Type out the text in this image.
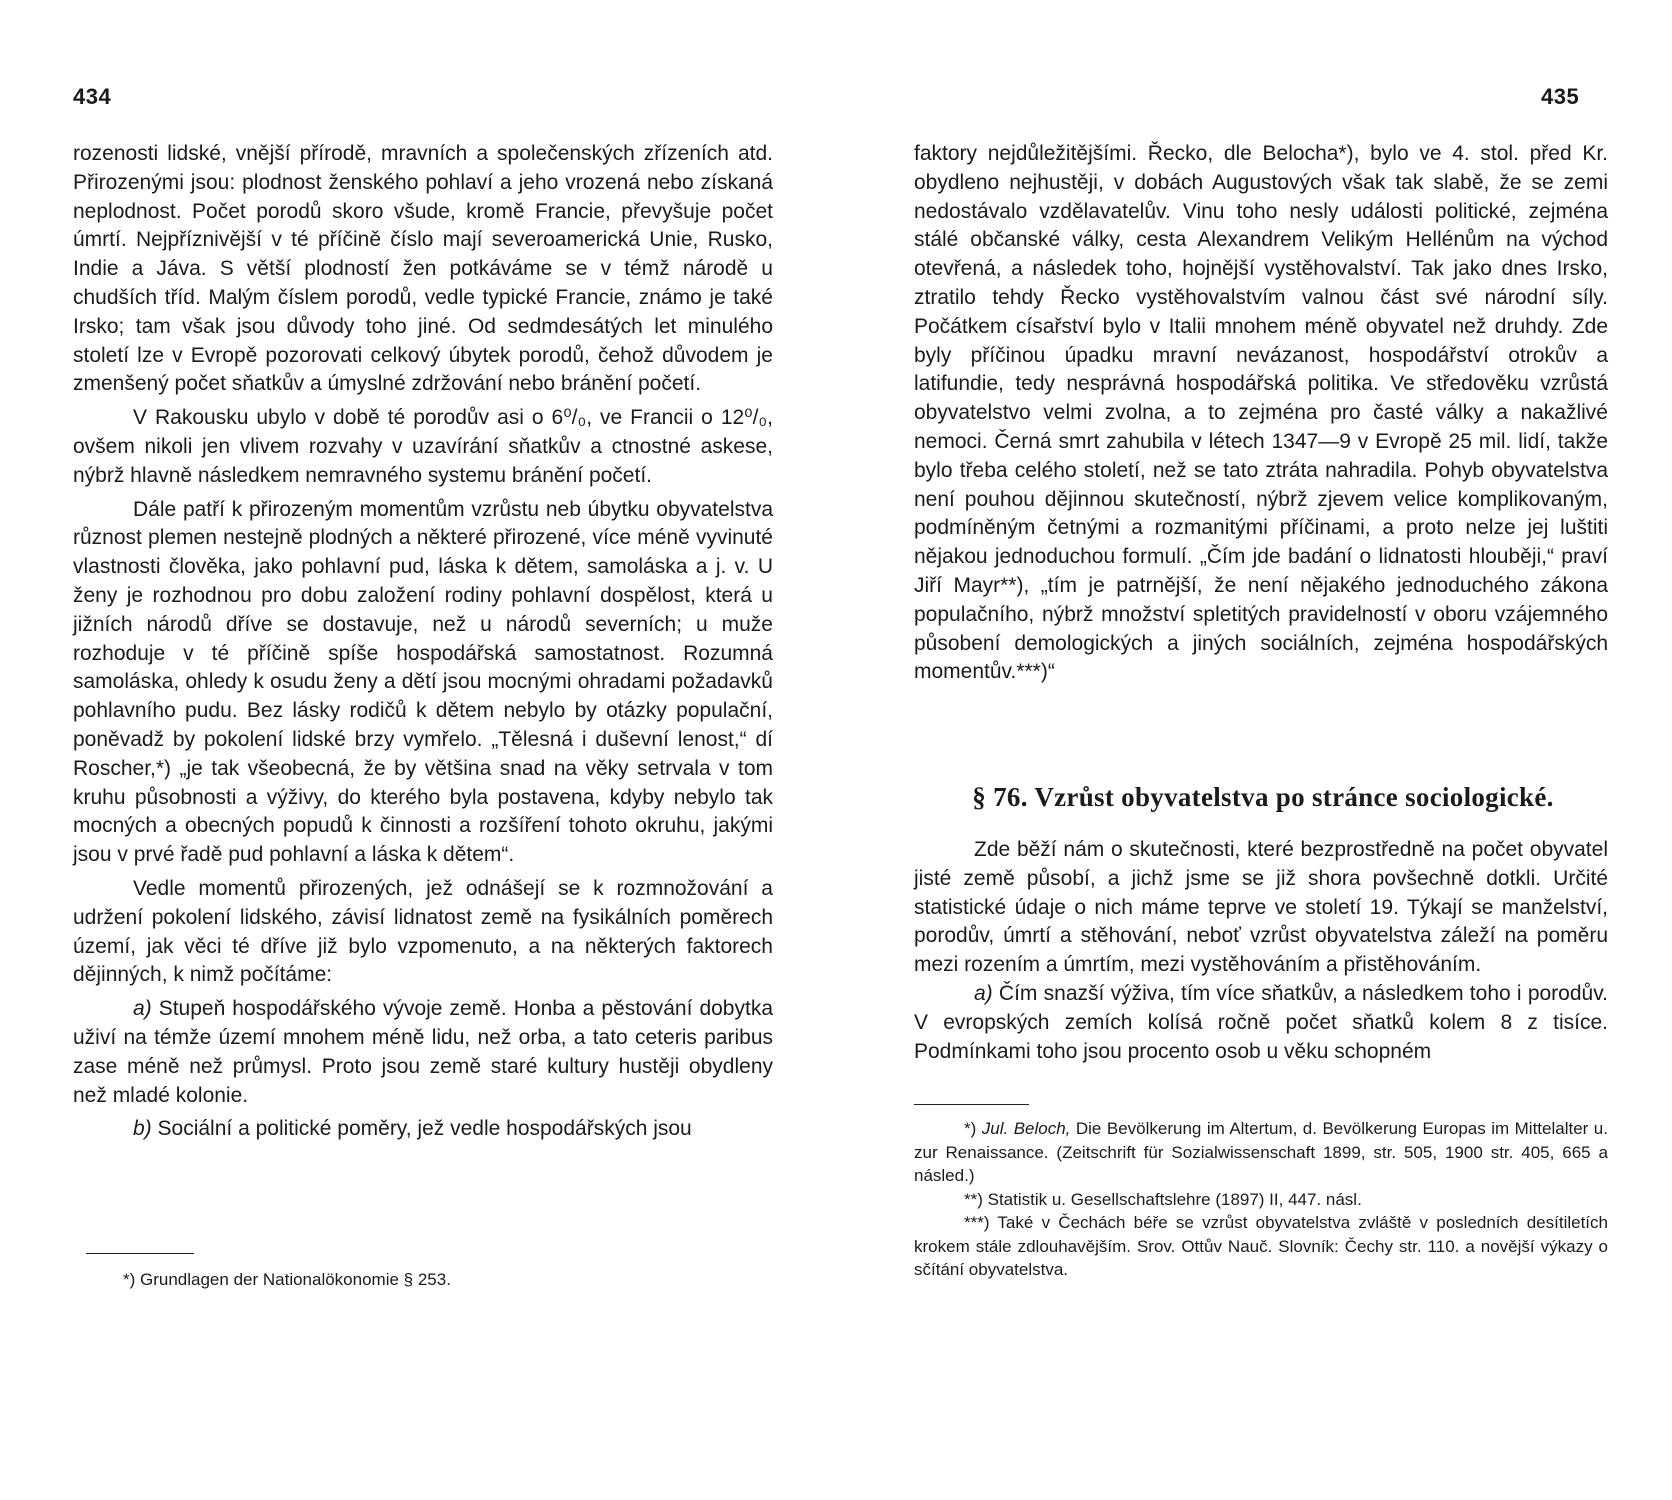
434	435

rozenosti lidské, vnější přírodě, mravních a společenských zřízeních atd. Přirozenými jsou: plodnost ženského pohlaví a jeho vrozená nebo získaná neplodnost. Počet porodů skoro všude, kromě Francie, převyšuje počet úmrtí. Nejpříznivější v té příčině číslo mají severoamerická Unie, Rusko, Indie a Jáva. S větší plodností žen potkáváme se v témž národě u chudších tříd. Malým číslem porodů, vedle typické Francie, známo je také Irsko; tam však jsou důvody toho jiné. Od sedmdesátých let minulého století lze v Evropě pozorovati celkový úbytek porodů, čehož důvodem je zmenšený počet sňatkův a úmyslné zdržování nebo bránění početí.

V Rakousku ubylo v době té porodův asi o 6⁰/₀, ve Francii o 12⁰/₀, ovšem nikoli jen vlivem rozvahy v uzavírání sňatkův a ctnostné askese, nýbrž hlavně následkem nemravného systemu bránění početí.

Dále patří k přirozeným momentům vzrůstu neb úbytku obyvatelstva různost plemen nestejně plodných a některé přirozené, více méně vyvinuté vlastnosti člověka, jako pohlavní pud, láska k dětem, samoláska a j. v. U ženy je rozhodnou pro dobu založení rodiny pohlavní dospělost, která u jižních národů dříve se dostavuje, než u národů severních; u muže rozhoduje v té příčině spíše hospodářská samostatnost. Rozumná samoláska, ohledy k osudu ženy a dětí jsou mocnými ohradami požadavků pohlavního pudu. Bez lásky rodičů k dětem nebylo by otázky populační, poněvadž by pokolení lidské brzy vymřelo. „Tělesná i duševní lenost,“ dí Roscher,*) „je tak všeobecná, že by většina snad na věky setrvala v tom kruhu působnosti a výživy, do kterého byla postavena, kdyby nebylo tak mocných a obecných popudů k činnosti a rozšíření tohoto okruhu, jakými jsou v prvé řadě pud pohlavní a láska k dětem“.

Vedle momentů přirozených, jež odnášejí se k rozmnožování a udržení pokolení lidského, závisí lidnatost země na fysikálních poměrech území, jak věci té dříve již bylo vzpomenuto, a na některých faktorech dějinných, k nimž počítáme:

a) Stupeň hospodářského vývoje země. Honba a pěstování dobytka uživí na témže území mnohem méně lidu, než orba, a tato ceteris paribus zase méně než průmysl. Proto jsou země staré kultury hustěji obydleny než mladé kolonie.

b) Sociální a politické poměry, jež vedle hospodářských jsou

*) Grundlagen der Nationalökonomie § 253.

faktory nejdůležitějšími. Řecko, dle Belocha*), bylo ve 4. stol. před Kr. obydleno nejhustěji, v dobách Augustových však tak slabě, že se zemi nedostávalo vzdělavatelův. Vinu toho nesly události politické, zejména stálé občanské války, cesta Alexandrem Velikým Hellénům na východ otevřená, a následek toho, hojnější vystěhovalství. Tak jako dnes Irsko, ztratilo tehdy Řecko vystěhovalstvím valnou část své národní síly. Počátkem císařství bylo v Italii mnohem méně obyvatel než druhdy. Zde byly příčinou úpadku mravní nevázanost, hospodářství otrokův a latifundie, tedy nesprávná hospodářská politika. Ve středověku vzrůstá obyvatelstvo velmi zvolna, a to zejména pro časté války a nakažlivé nemoci. Černá smrt zahubila v létech 1347—9 v Evropě 25 mil. lidí, takže bylo třeba celého století, než se tato ztráta nahradila. Pohyb obyvatelstva není pouhou dějinnou skutečností, nýbrž zjevem velice komplikovaným, podmíněným četnými a rozmanitými příčinami, a proto nelze jej luštiti nějakou jednoduchou formulí. „Čím jde badání o lidnatosti hlouběji,“ praví Jiří Mayr**), „tím je patrnější, že není nějakého jednoduchého zákona populačního, nýbrž množství spletitých pravidelností v oboru vzájemného působení demologických a jiných sociálních, zejména hospodářských momentův.***)“

§ 76. Vzrůst obyvatelstva po stránce sociologické.

Zde běží nám o skutečnosti, které bezprostředně na počet obyvatel jisté země působí, a jichž jsme se již shora povšechně dotkli. Určité statistické údaje o nich máme teprve ve století 19. Týkají se manželství, porodův, úmrtí a stěhování, neboť vzrůst obyvatelstva záleží na poměru mezi rozením a úmrtím, mezi vystěhováním a přistěhováním.

a) Čím snazší výživa, tím více sňatkův, a následkem toho i porodův. V evropských zemích kolísá ročně počet sňatků kolem 8 z tisíce. Podmínkami toho jsou procento osob u věku schopném

*) Jul. Beloch, Die Bevölkerung im Altertum, d. Bevölkerung Europas im Mittelalter u. zur Renaissance. (Zeitschrift für Sozialwissenschaft 1899, str. 505, 1900 str. 405, 665 a násled.)

**) Statistik u. Gesellschaftslehre (1897) II, 447. násl.

***) Také v Čechách béře se vzrůst obyvatelstva zvláště v posledních desítiletích krokem stále zdlouhavějším. Srov. Ottův Nauč. Slovník: Čechy str. 110. a novější výkazy o sčítání obyvatelstva.
